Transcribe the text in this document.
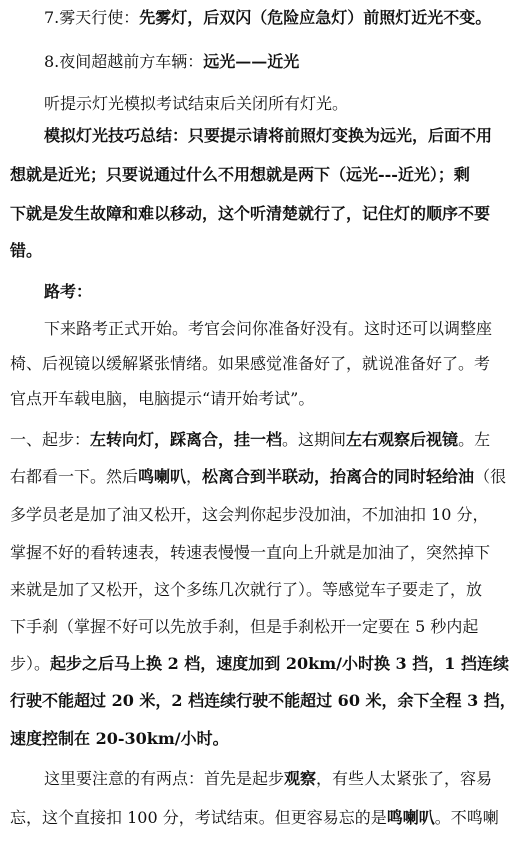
7.雾天行使：先雾灯，后双闪（危险应急灯）前照灯近光不变。
8.夜间超越前方车辆：远光——近光
听提示灯光模拟考试结束后关闭所有灯光。
模拟灯光技巧总结：只要提示请将前照灯变换为远光，后面不用
想就是近光；只要说通过什么不用想就是两下（远光---近光）；剩
下就是发生故障和难以移动，这个听清楚就行了，记住灯的顺序不要
错。
路考：
下来路考正式开始。考官会问你准备好没有。这时还可以调整座
椅、后视镜以缓解紧张情绪。如果感觉准备好了，就说准备好了。考
官点开车载电脑，电脑提示“请开始考试”。
一、起步：左转向灯，踩离合，挂一档。这期间左右观察后视镜。左
右都看一下。然后鸣喇叭，松离合到半联动，抬离合的同时轻给油（很
多学员老是加了油又松开，这会判你起步没加油，不加油扣 10 分，
掌握不好的看转速表，转速表慢慢一直向上升就是加油了，突然掉下
来就是加了又松开，这个多练几次就行了）。等感觉车子要走了，放
下手刹（掌握不好可以先放手刹，但是手刹松开一定要在 5 秒内起
步）。起步之后马上换 2 档，速度加到 20km/小时换 3 挡，1 挡连续
行驶不能超过 20 米，2 档连续行驶不能超过 60 米，余下全程 3 挡，
速度控制在 20-30km/小时。
这里要注意的有两点：首先是起步观察，有些人太紧张了，容易
忘，这个直接扣 100 分，考试结束。但更容易忘的是鸣喇叭。不鸣喇
